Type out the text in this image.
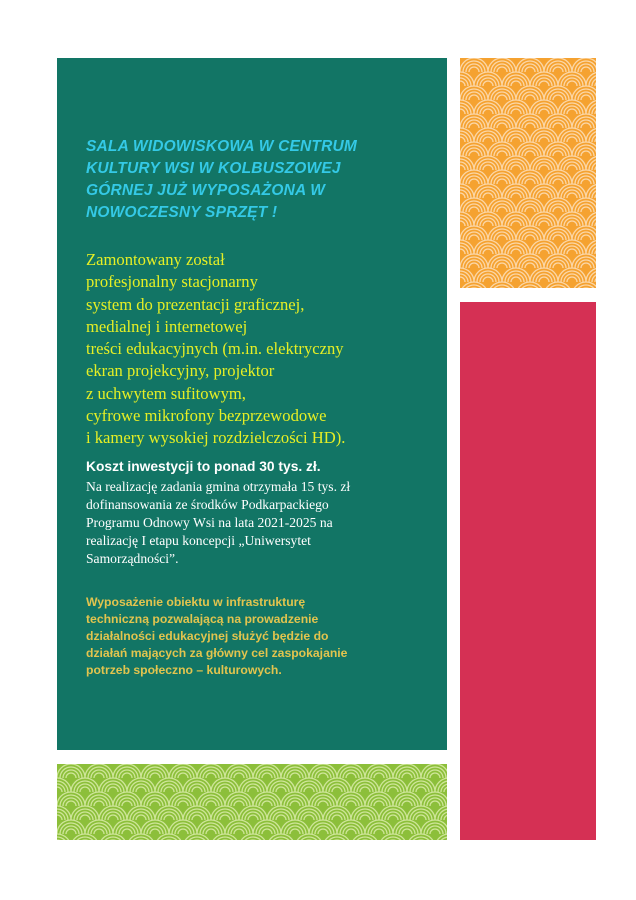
SALA WIDOWISKOWA W CENTRUM
KULTURY WSI W KOLBUSZOWEJ
GÓRNEJ JUŻ WYPOSAŻONA W
NOWOCZESNY SPRZĘT !

Zamontowany został
profesjonalny stacjonarny
system do prezentacji graficznej,
medialnej i internetowej
treści edukacyjnych (m.in. elektryczny
ekran projekcyjny, projektor
z uchwytem sufitowym,
cyfrowe mikrofony bezprzewodowe
i kamery wysokiej rozdzielczości HD).

Koszt inwestycji to ponad 30 tys. zł.

Na realizację zadania gmina otrzymała 15 tys. zł
dofinansowania ze środków Podkarpackiego
Programu Odnowy Wsi na lata 2021-2025 na
realizację I etapu koncepcji „Uniwersytet
Samorządności”.

Wyposażenie obiektu w infrastrukturę
techniczną pozwalającą na prowadzenie
działalności edukacyjnej służyć będzie do
działań mających za główny cel zaspokajanie
potrzeb społeczno – kulturowych.
